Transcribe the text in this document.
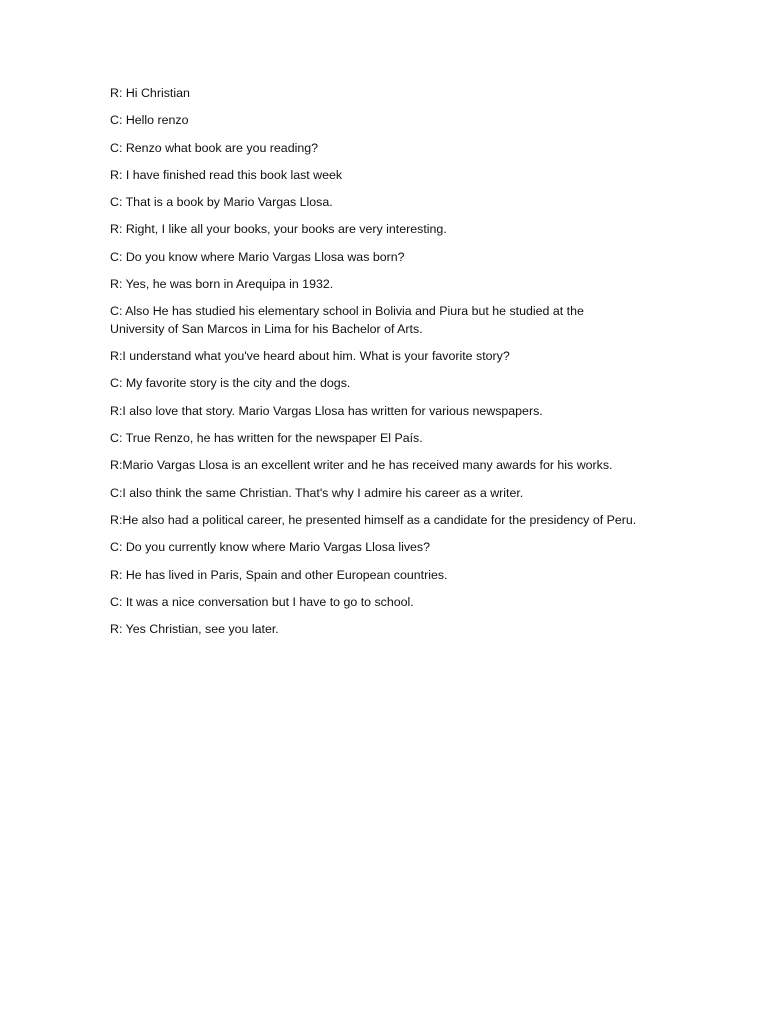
R: Hi Christian

C: Hello renzo

C: Renzo what book are you reading?

R: I have finished read this book last week

C: That is a book by Mario Vargas Llosa.

R: Right, I like all your books, your books are very interesting.

C: Do you know where Mario Vargas Llosa was born?

R: Yes, he was born in Arequipa in 1932.

C: Also He has studied his elementary school in Bolivia and Piura but he studied at the University of San Marcos in Lima for his Bachelor of Arts.

R:I understand what you've heard about him. What is your favorite story?

C: My favorite story is the city and the dogs.

R:I also love that story. Mario Vargas Llosa has written for various newspapers.

C: True Renzo, he has written for the newspaper El País.

R:Mario Vargas Llosa is an excellent writer and he has received many awards for his works.

C:I also think the same Christian. That's why I admire his career as a writer.

R:He also had a political career, he presented himself as a candidate for the presidency of Peru.

C: Do you currently know where Mario Vargas Llosa lives?

R: He has lived in Paris, Spain and other European countries.

C: It was a nice conversation but I have to go to school.

R: Yes Christian, see you later.
